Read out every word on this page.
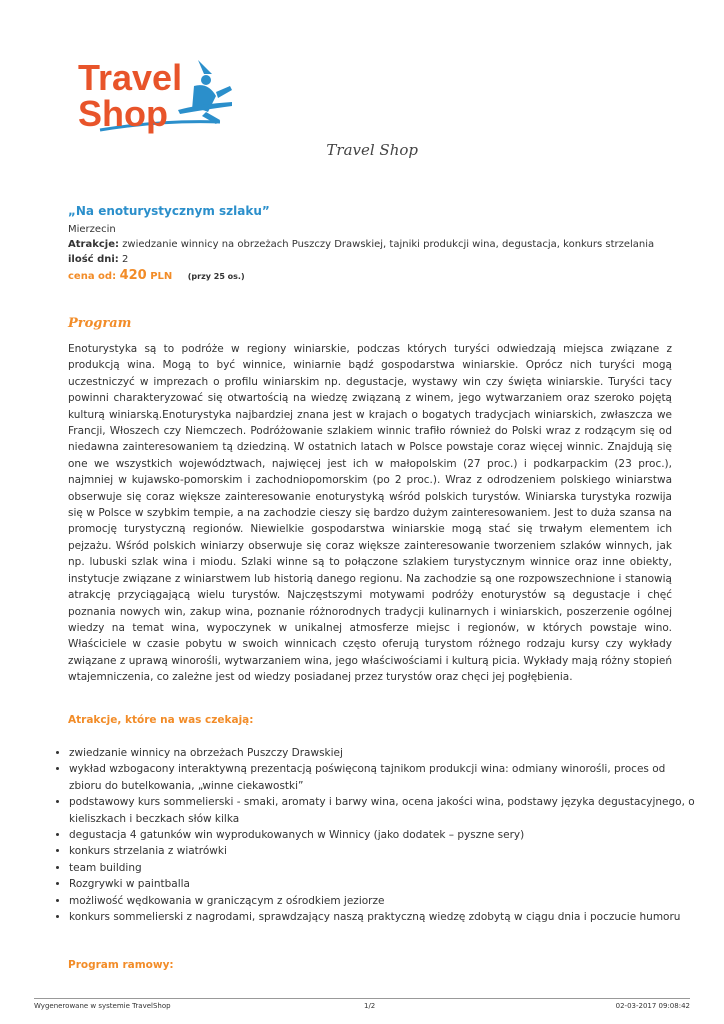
Travel
Shop
Travel Shop
„Na enoturystycznym szlaku”
Mierzecin
Atrakcje: zwiedzanie winnicy na obrzeżach Puszczy Drawskiej, tajniki produkcji wina, degustacja, konkurs strzelania
ilość dni: 2
cena od: 420 PLN (przy 25 os.)
Program
Enoturystyka są to podróże w regiony winiarskie, podczas których turyści odwiedzają miejsca związane z produkcją wina. Mogą to być winnice, winiarnie bądź gospodarstwa winiarskie. Oprócz nich turyści mogą uczestniczyć w imprezach o profilu winiarskim np. degustacje, wystawy win czy święta winiarskie. Turyści tacy powinni charakteryzować się otwartością na wiedzę związaną z winem, jego wytwarzaniem oraz szeroko pojętą kulturą winiarską.Enoturystyka najbardziej znana jest w krajach o bogatych tradycjach winiarskich, zwłaszcza we Francji, Włoszech czy Niemczech. Podróżowanie szlakiem winnic trafiło również do Polski wraz z rodzącym się od niedawna zainteresowaniem tą dziedziną. W ostatnich latach w Polsce powstaje coraz więcej winnic. Znajdują się one we wszystkich województwach, najwięcej jest ich w małopolskim (27 proc.) i podkarpackim (23 proc.), najmniej w kujawsko-pomorskim i zachodniopomorskim (po 2 proc.). Wraz z odrodzeniem polskiego winiarstwa obserwuje się coraz większe zainteresowanie enoturystyką wśród polskich turystów. Winiarska turystyka rozwija się w Polsce w szybkim tempie, a na zachodzie cieszy się bardzo dużym zainteresowaniem. Jest to duża szansa na promocję turystyczną regionów. Niewielkie gospodarstwa winiarskie mogą stać się trwałym elementem ich pejzażu. Wśród polskich winiarzy obserwuje się coraz większe zainteresowanie tworzeniem szlaków winnych, jak np. lubuski szlak wina i miodu. Szlaki winne są to połączone szlakiem turystycznym winnice oraz inne obiekty, instytucje związane z winiarstwem lub historią danego regionu. Na zachodzie są one rozpowszechnione i stanowią atrakcję przyciągającą wielu turystów. Najczęstszymi motywami podróży enoturystów są degustacje i chęć poznania nowych win, zakup wina, poznanie różnorodnych tradycji kulinarnych i winiarskich, poszerzenie ogólnej wiedzy na temat wina, wypoczynek w unikalnej atmosferze miejsc i regionów, w których powstaje wino. Właściciele w czasie pobytu w swoich winnicach często oferują turystom różnego rodzaju kursy czy wykłady związane z uprawą winorośli, wytwarzaniem wina, jego właściwościami i kulturą picia. Wykłady mają różny stopień wtajemniczenia, co zależne jest od wiedzy posiadanej przez turystów oraz chęci jej pogłębienia.
Atrakcje, które na was czekają:
• zwiedzanie winnicy na obrzeżach Puszczy Drawskiej
• wykład wzbogacony interaktywną prezentacją poświęconą tajnikom produkcji wina: odmiany winorośli, proces od zbioru do butelkowania, „winne ciekawostki”
• podstawowy kurs sommelierski - smaki, aromaty i barwy wina, ocena jakości wina, podstawy języka degustacyjnego, o kieliszkach i beczkach słów kilka
• degustacja 4 gatunków win wyprodukowanych w Winnicy (jako dodatek – pyszne sery)
• konkurs strzelania z wiatrówki
• team building
• Rozgrywki w paintballa
• możliwość wędkowania w graniczącym z ośrodkiem jeziorze
• konkurs sommelierski z nagrodami, sprawdzający naszą praktyczną wiedzę zdobytą w ciągu dnia i poczucie humoru
Program ramowy:
Wygenerowane w systemie TravelShop	1/2	02-03-2017 09:08:42
